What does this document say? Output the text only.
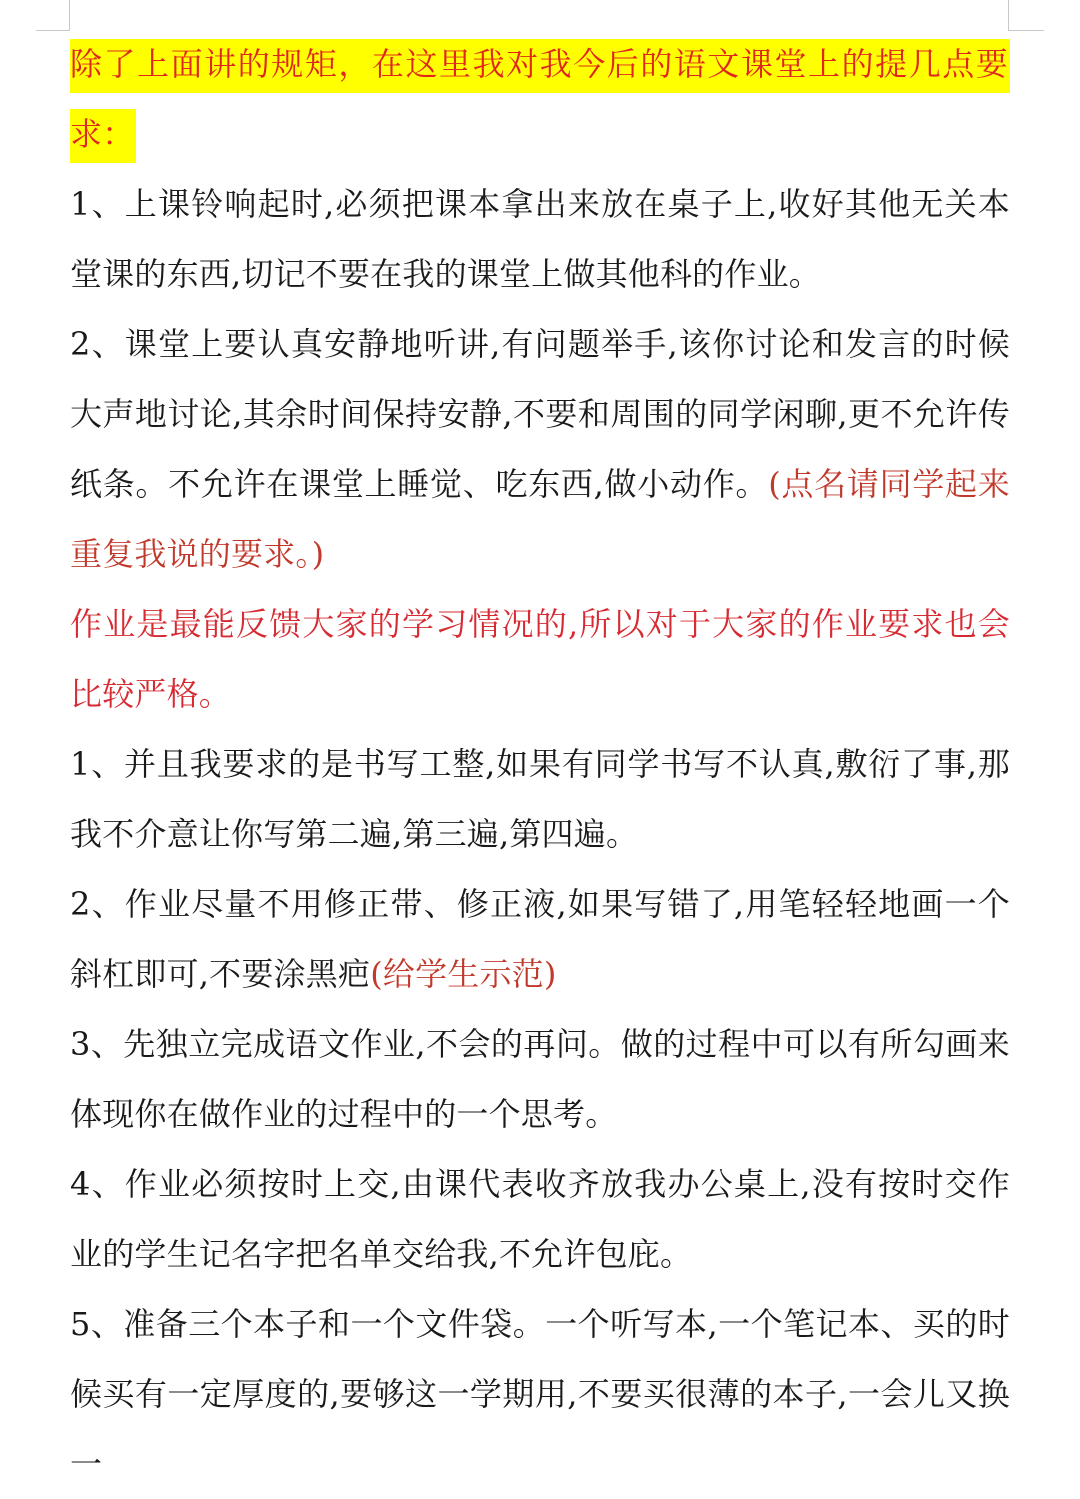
除了上面讲的规矩，在这里我对我今后的语文课堂上的提几点要求：

1、上课铃响起时,必须把课本拿出来放在桌子上,收好其他无关本堂课的东西,切记不要在我的课堂上做其他科的作业。

2、课堂上要认真安静地听讲,有问题举手,该你讨论和发言的时候大声地讨论,其余时间保持安静,不要和周围的同学闲聊,更不允许传纸条。不允许在课堂上睡觉、吃东西,做小动作。(点名请同学起来重复我说的要求。)

作业是最能反馈大家的学习情况的,所以对于大家的作业要求也会比较严格。

1、并且我要求的是书写工整,如果有同学书写不认真,敷衍了事,那我不介意让你写第二遍,第三遍,第四遍。

2、作业尽量不用修正带、修正液,如果写错了,用笔轻轻地画一个斜杠即可,不要涂黑疤(给学生示范)

3、先独立完成语文作业,不会的再问。做的过程中可以有所勾画来体现你在做作业的过程中的一个思考。

4、作业必须按时上交,由课代表收齐放我办公桌上,没有按时交作业的学生记名字把名单交给我,不允许包庇。

5、准备三个本子和一个文件袋。一个听写本,一个笔记本、买的时候买有一定厚度的,要够这一学期用,不要买很薄的本子,一会儿又换一
